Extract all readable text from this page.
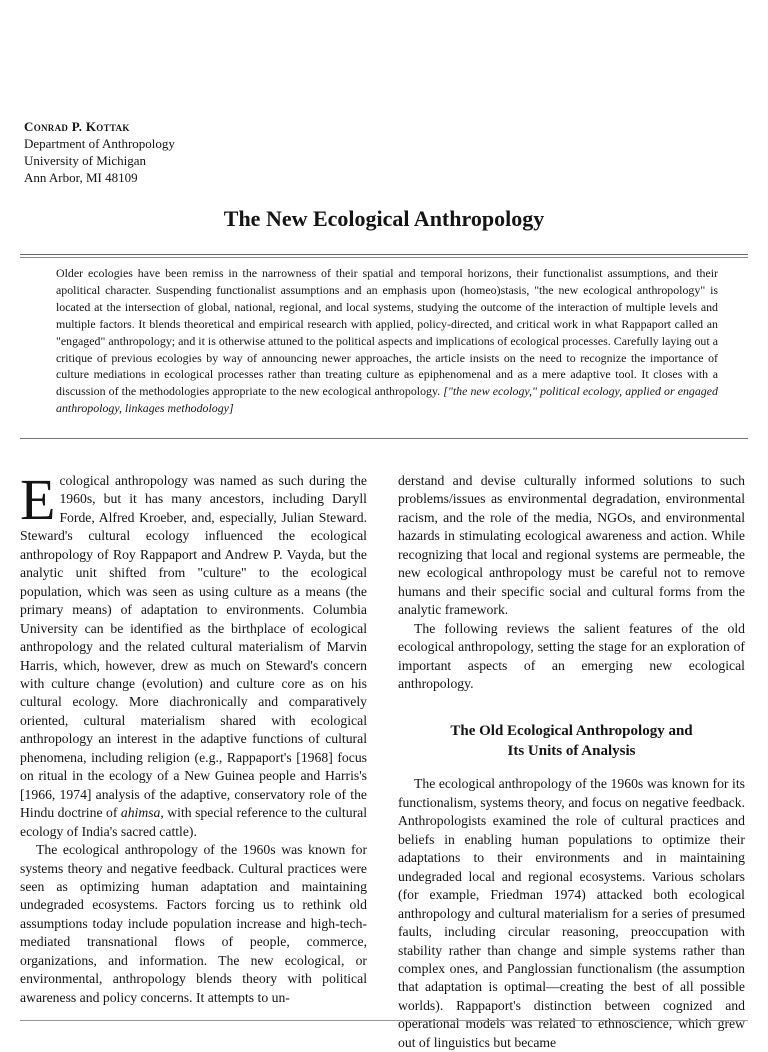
Conrad P. Kottak
Department of Anthropology
University of Michigan
Ann Arbor, MI 48109
The New Ecological Anthropology
Older ecologies have been remiss in the narrowness of their spatial and temporal horizons, their functionalist assumptions, and their apolitical character. Suspending functionalist assumptions and an emphasis upon (homeo)stasis, "the new ecological anthropology" is located at the intersection of global, national, regional, and local systems, studying the outcome of the interaction of multiple levels and multiple factors. It blends theoretical and empirical research with applied, policy-directed, and critical work in what Rappaport called an "engaged" anthropology; and it is otherwise attuned to the political aspects and implications of ecological processes. Carefully laying out a critique of previous ecologies by way of announcing newer approaches, the article insists on the need to recognize the importance of culture mediations in ecological processes rather than treating culture as epiphenomenal and as a mere adaptive tool. It closes with a discussion of the methodologies appropriate to the new ecological anthropology. ["the new ecology," political ecology, applied or engaged anthropology, linkages methodology]

Ecological anthropology was named as such during the 1960s, but it has many ancestors, including Daryll Forde, Alfred Kroeber, and, especially, Julian Steward. Steward's cultural ecology influenced the ecological anthropology of Roy Rappaport and Andrew P. Vayda, but the analytic unit shifted from "culture" to the ecological population, which was seen as using culture as a means (the primary means) of adaptation to environments. Columbia University can be identified as the birthplace of ecological anthropology and the related cultural materialism of Marvin Harris, which, however, drew as much on Steward's concern with culture change (evolution) and culture core as on his cultural ecology. More diachronically and comparatively oriented, cultural materialism shared with ecological anthropology an interest in the adaptive functions of cultural phenomena, including religion (e.g., Rappaport's [1968] focus on ritual in the ecology of a New Guinea people and Harris's [1966, 1974] analysis of the adaptive, conservatory role of the Hindu doctrine of ahimsa, with special reference to the cultural ecology of India's sacred cattle).

The ecological anthropology of the 1960s was known for systems theory and negative feedback. Cultural practices were seen as optimizing human adaptation and maintaining undegraded ecosystems. Factors forcing us to rethink old assumptions today include population increase and high-tech-mediated transnational flows of people, commerce, organizations, and information. The new ecological, or environmental, anthropology blends theory with political awareness and policy concerns. It attempts to un-

derstand and devise culturally informed solutions to such problems/issues as environmental degradation, environmental racism, and the role of the media, NGOs, and environmental hazards in stimulating ecological awareness and action. While recognizing that local and regional systems are permeable, the new ecological anthropology must be careful not to remove humans and their specific social and cultural forms from the analytic framework.

The following reviews the salient features of the old ecological anthropology, setting the stage for an exploration of important aspects of an emerging new ecological anthropology.

The Old Ecological Anthropology and
Its Units of Analysis

The ecological anthropology of the 1960s was known for its functionalism, systems theory, and focus on negative feedback. Anthropologists examined the role of cultural practices and beliefs in enabling human populations to optimize their adaptations to their environments and in maintaining undegraded local and regional ecosystems. Various scholars (for example, Friedman 1974) attacked both ecological anthropology and cultural materialism for a series of presumed faults, including circular reasoning, preoccupation with stability rather than change and simple systems rather than complex ones, and Panglossian functionalism (the assumption that adaptation is optimal—creating the best of all possible worlds). Rappaport's distinction between cognized and operational models was related to ethnoscience, which grew out of linguistics but became
